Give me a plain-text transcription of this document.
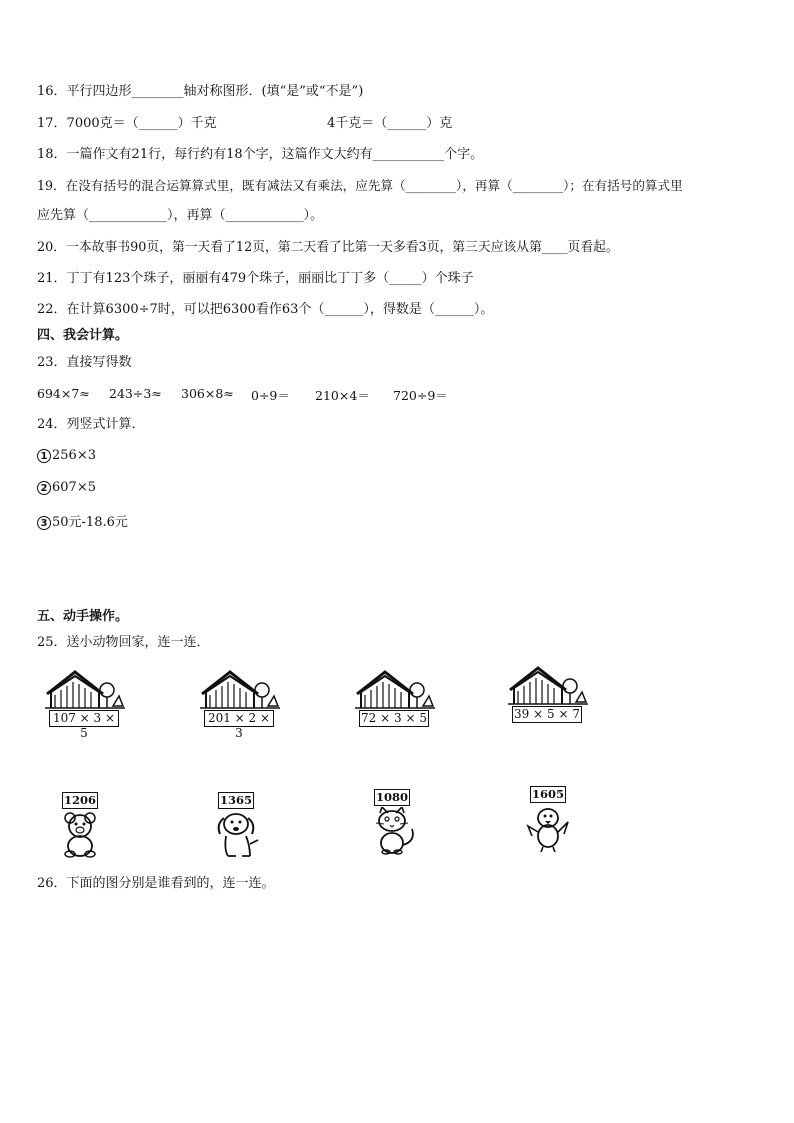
16．平行四边形________轴对称图形．(填“是”或“不是”)
17．7000克＝（______）千克	4千克＝（______）克
18．一篇作文有21行，每行约有18个字，这篇作文大约有___________个字。
19．在没有括号的混合运算算式里，既有减法又有乘法，应先算（________），再算（________）；在有括号的算式里
应先算（____________），再算（____________）。
20．一本故事书90页，第一天看了12页，第二天看了比第一天多看3页，第三天应该从第____页看起。
21．丁丁有123个珠子，丽丽有479个珠子，丽丽比丁丁多（_____）个珠子
22．在计算6300÷7时，可以把6300看作63个（______），得数是（______）。
四、我会计算。
23．直接写得数
694×7≈ 243÷3≈ 306×8≈ 0÷9＝ 210×4＝ 720÷9＝
24．列竖式计算．
1 256×3
2 607×5
3 50元-18.6元
五、动手操作。
25．送小动物回家，连一连．
107 × 3 × 5
201 × 2 × 3
72 × 3 × 5	39 × 5 × 7
1206	1365	1080	1605
26．下面的图分别是谁看到的，连一连。
